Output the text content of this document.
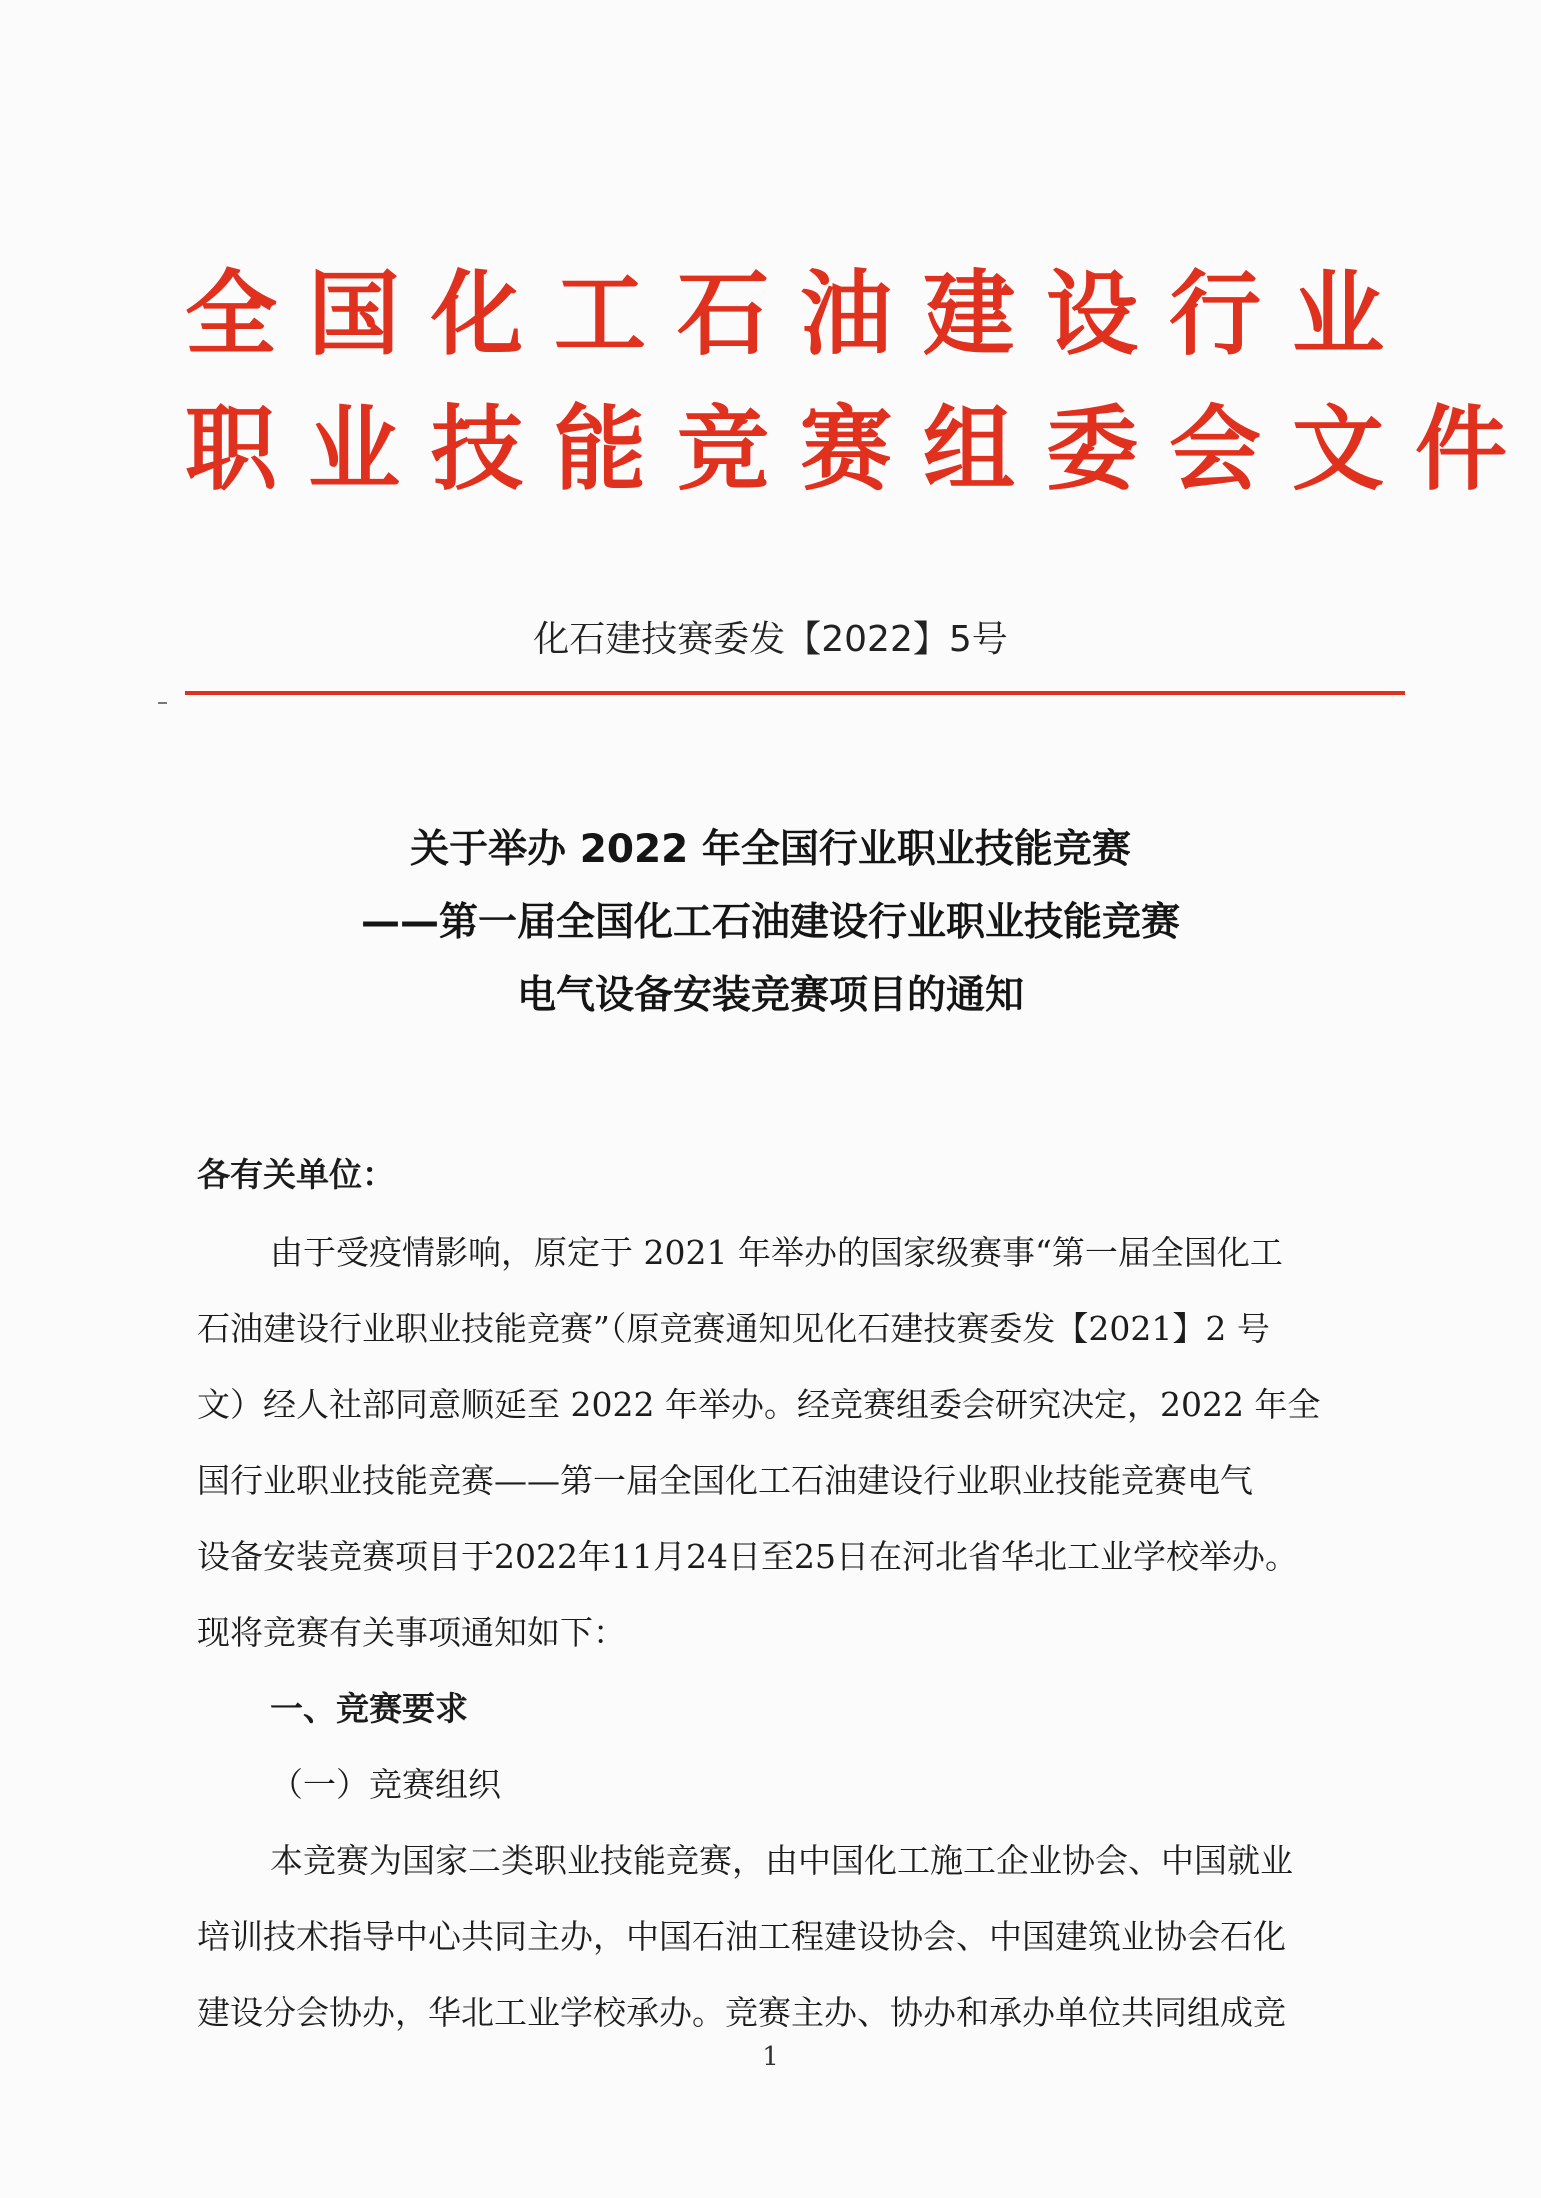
全国化工石油建设行业
职业技能竞赛组委会文件
化石建技赛委发【2022】5号
关于举办 2022 年全国行业职业技能竞赛
——第一届全国化工石油建设行业职业技能竞赛
电气设备安装竞赛项目的通知
各有关单位：
由于受疫情影响，原定于 2021 年举办的国家级赛事“第一届全国化工
石油建设行业职业技能竞赛”（原竞赛通知见化石建技赛委发【2021】2 号
文）经人社部同意顺延至 2022 年举办。经竞赛组委会研究决定，2022 年全
国行业职业技能竞赛——第一届全国化工石油建设行业职业技能竞赛电气
设备安装竞赛项目于2022年11月24日至25日在河北省华北工业学校举办。
现将竞赛有关事项通知如下：
一、竞赛要求
（一）竞赛组织
本竞赛为国家二类职业技能竞赛，由中国化工施工企业协会、中国就业
培训技术指导中心共同主办，中国石油工程建设协会、中国建筑业协会石化
建设分会协办，华北工业学校承办。竞赛主办、协办和承办单位共同组成竞
1
